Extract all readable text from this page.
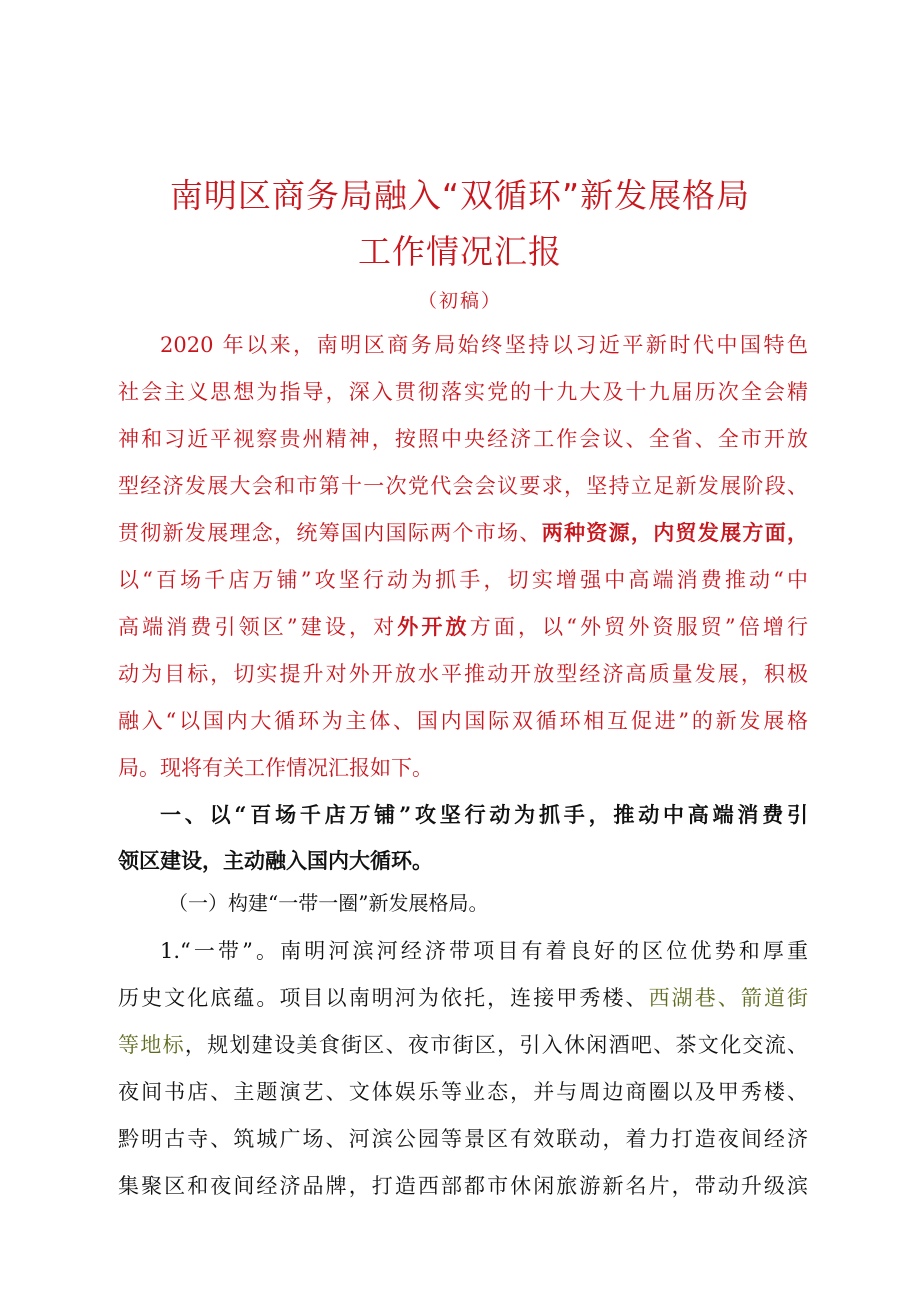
南明区商务局融入“双循环”新发展格局
工作情况汇报
（初稿）
2020 年以来，南明区商务局始终坚持以习近平新时代中国特色
社会主义思想为指导，深入贯彻落实党的十九大及十九届历次全会精
神和习近平视察贵州精神，按照中央经济工作会议、全省、全市开放
型经济发展大会和市第十一次党代会会议要求，坚持立足新发展阶段、
贯彻新发展理念，统筹国内国际两个市场、两种资源，内贸发展方面，
以“百场千店万铺”攻坚行动为抓手，切实增强中高端消费推动“中
高端消费引领区”建设，对外开放方面，以“外贸外资服贸”倍增行
动为目标，切实提升对外开放水平推动开放型经济高质量发展，积极
融入“以国内大循环为主体、国内国际双循环相互促进”的新发展格
局。现将有关工作情况汇报如下。
一、以“百场千店万铺”攻坚行动为抓手，推动中高端消费引
领区建设，主动融入国内大循环。
（一）构建“一带一圈”新发展格局。
1.“一带”。南明河滨河经济带项目有着良好的区位优势和厚重
历史文化底蕴。项目以南明河为依托，连接甲秀楼、西湖巷、箭道街
等地标，规划建设美食街区、夜市街区，引入休闲酒吧、茶文化交流、
夜间书店、主题演艺、文体娱乐等业态，并与周边商圈以及甲秀楼、
黔明古寺、筑城广场、河滨公园等景区有效联动，着力打造夜间经济
集聚区和夜间经济品牌，打造西部都市休闲旅游新名片，带动升级滨
